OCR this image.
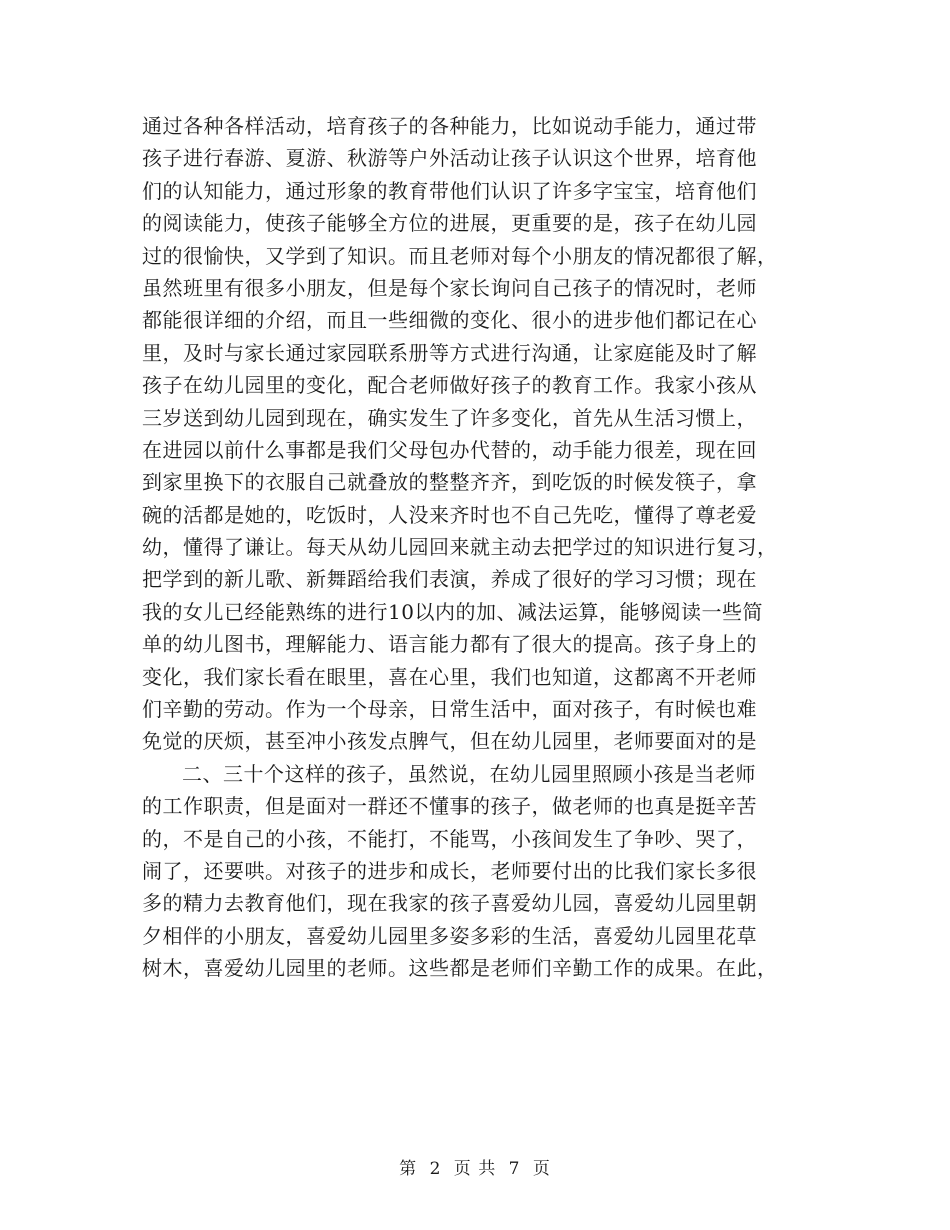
通过各种各样活动，培育孩子的各种能力，比如说动手能力，通过带
孩子进行春游、夏游、秋游等户外活动让孩子认识这个世界，培育他
们的认知能力，通过形象的教育带他们认识了许多字宝宝，培育他们
的阅读能力，使孩子能够全方位的进展，更重要的是，孩子在幼儿园
过的很愉快，又学到了知识。而且老师对每个小朋友的情况都很了解，
虽然班里有很多小朋友，但是每个家长询问自己孩子的情况时，老师
都能很详细的介绍，而且一些细微的变化、很小的进步他们都记在心
里，及时与家长通过家园联系册等方式进行沟通，让家庭能及时了解
孩子在幼儿园里的变化，配合老师做好孩子的教育工作。我家小孩从
三岁送到幼儿园到现在，确实发生了许多变化，首先从生活习惯上，
在进园以前什么事都是我们父母包办代替的，动手能力很差，现在回
到家里换下的衣服自己就叠放的整整齐齐，到吃饭的时候发筷子，拿
碗的活都是她的，吃饭时，人没来齐时也不自己先吃，懂得了尊老爱
幼，懂得了谦让。每天从幼儿园回来就主动去把学过的知识进行复习，
把学到的新儿歌、新舞蹈给我们表演，养成了很好的学习习惯；现在
我的女儿已经能熟练的进行10以内的加、减法运算，能够阅读一些简
单的幼儿图书，理解能力、语言能力都有了很大的提高。孩子身上的
变化，我们家长看在眼里，喜在心里，我们也知道，这都离不开老师
们辛勤的劳动。作为一个母亲，日常生活中，面对孩子，有时候也难
免觉的厌烦，甚至冲小孩发点脾气，但在幼儿园里，老师要面对的是
二、三十个这样的孩子，虽然说，在幼儿园里照顾小孩是当老师
的工作职责，但是面对一群还不懂事的孩子，做老师的也真是挺辛苦
的，不是自己的小孩，不能打，不能骂，小孩间发生了争吵、哭了，
闹了，还要哄。对孩子的进步和成长，老师要付出的比我们家长多很
多的精力去教育他们，现在我家的孩子喜爱幼儿园，喜爱幼儿园里朝
夕相伴的小朋友，喜爱幼儿园里多姿多彩的生活，喜爱幼儿园里花草
树木，喜爱幼儿园里的老师。这些都是老师们辛勤工作的成果。在此，
第 2 页 共 7 页
